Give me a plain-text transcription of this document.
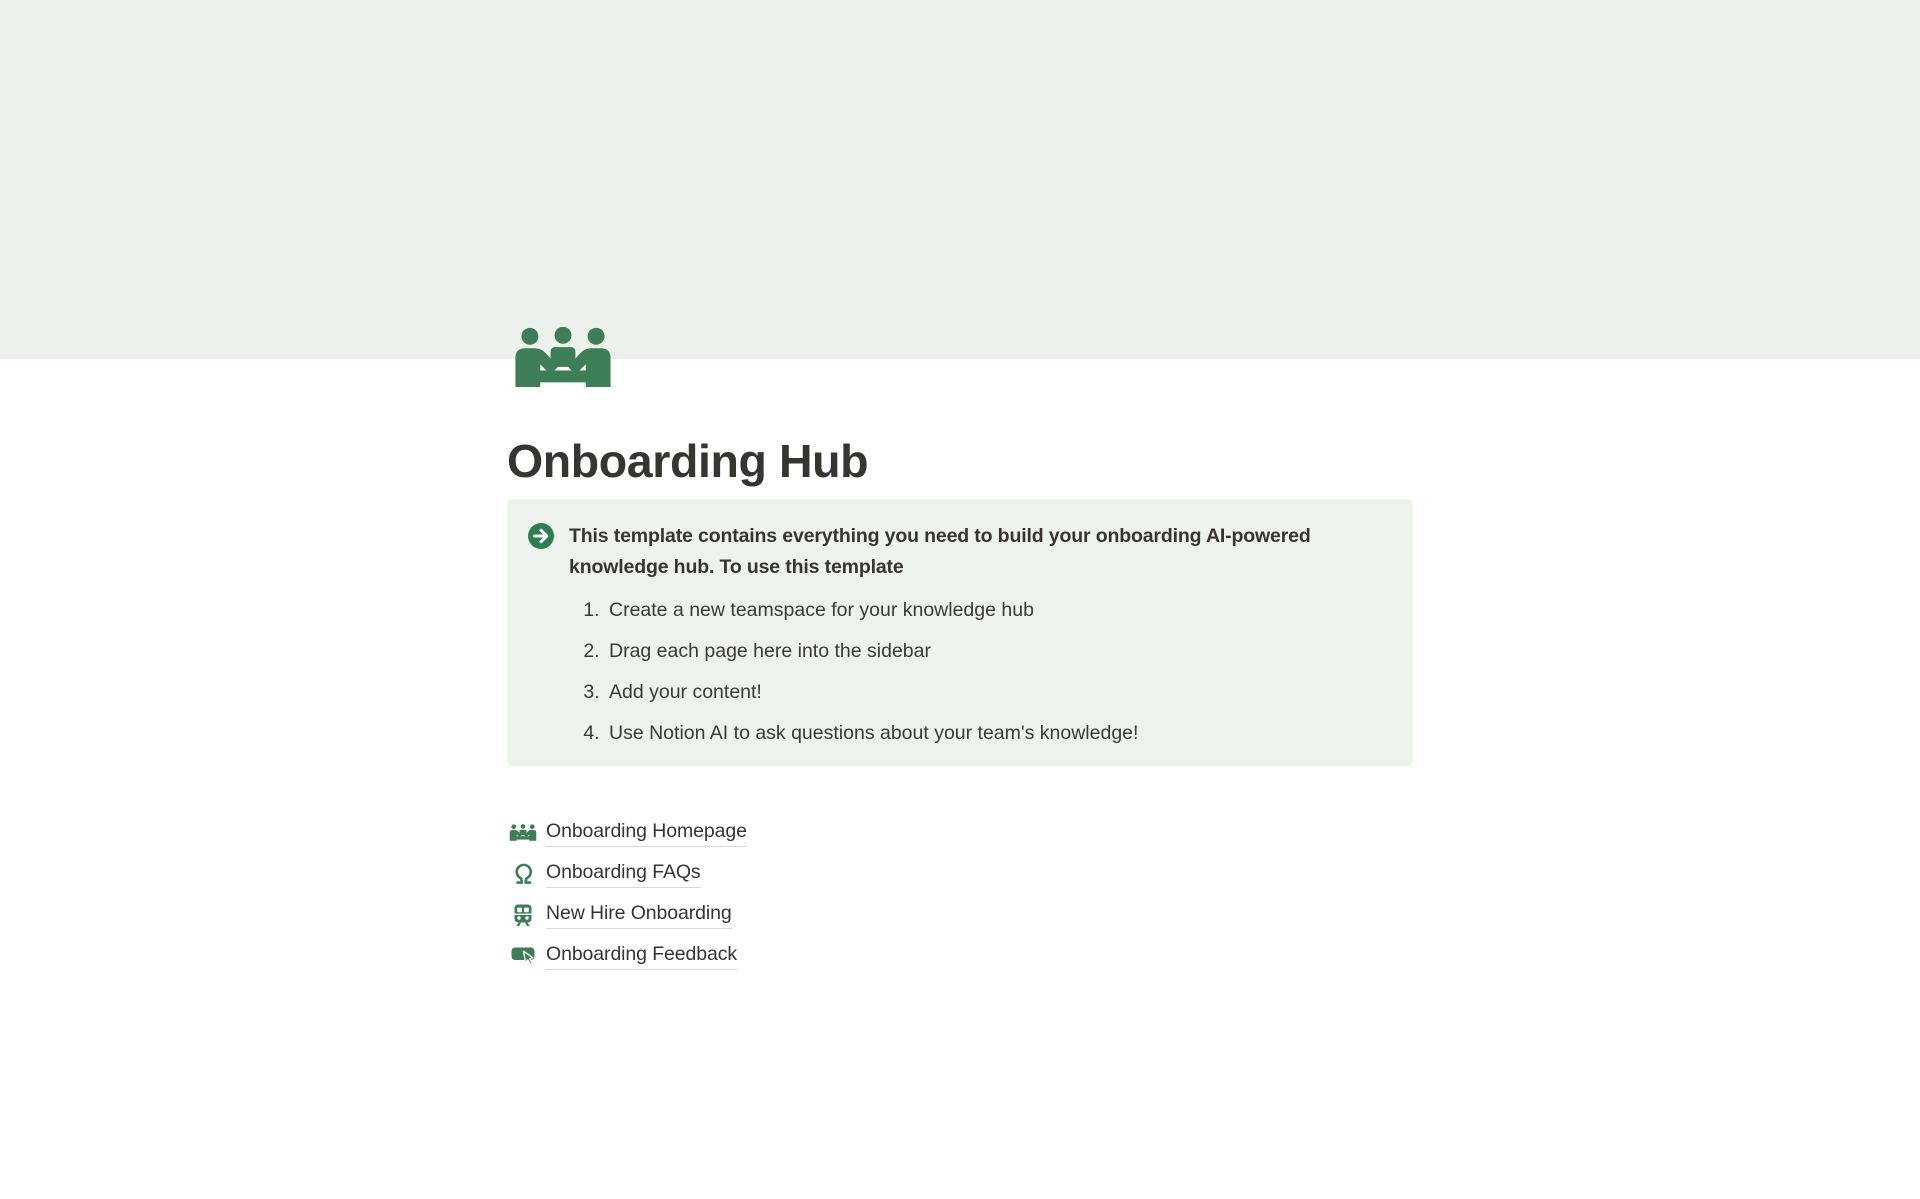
Onboarding Hub
This template contains everything you need to build your onboarding AI-powered knowledge hub. To use this template
1. Create a new teamspace for your knowledge hub
2. Drag each page here into the sidebar
3. Add your content!
4. Use Notion AI to ask questions about your team's knowledge!
Onboarding Homepage
Onboarding FAQs
New Hire Onboarding
Onboarding Feedback
